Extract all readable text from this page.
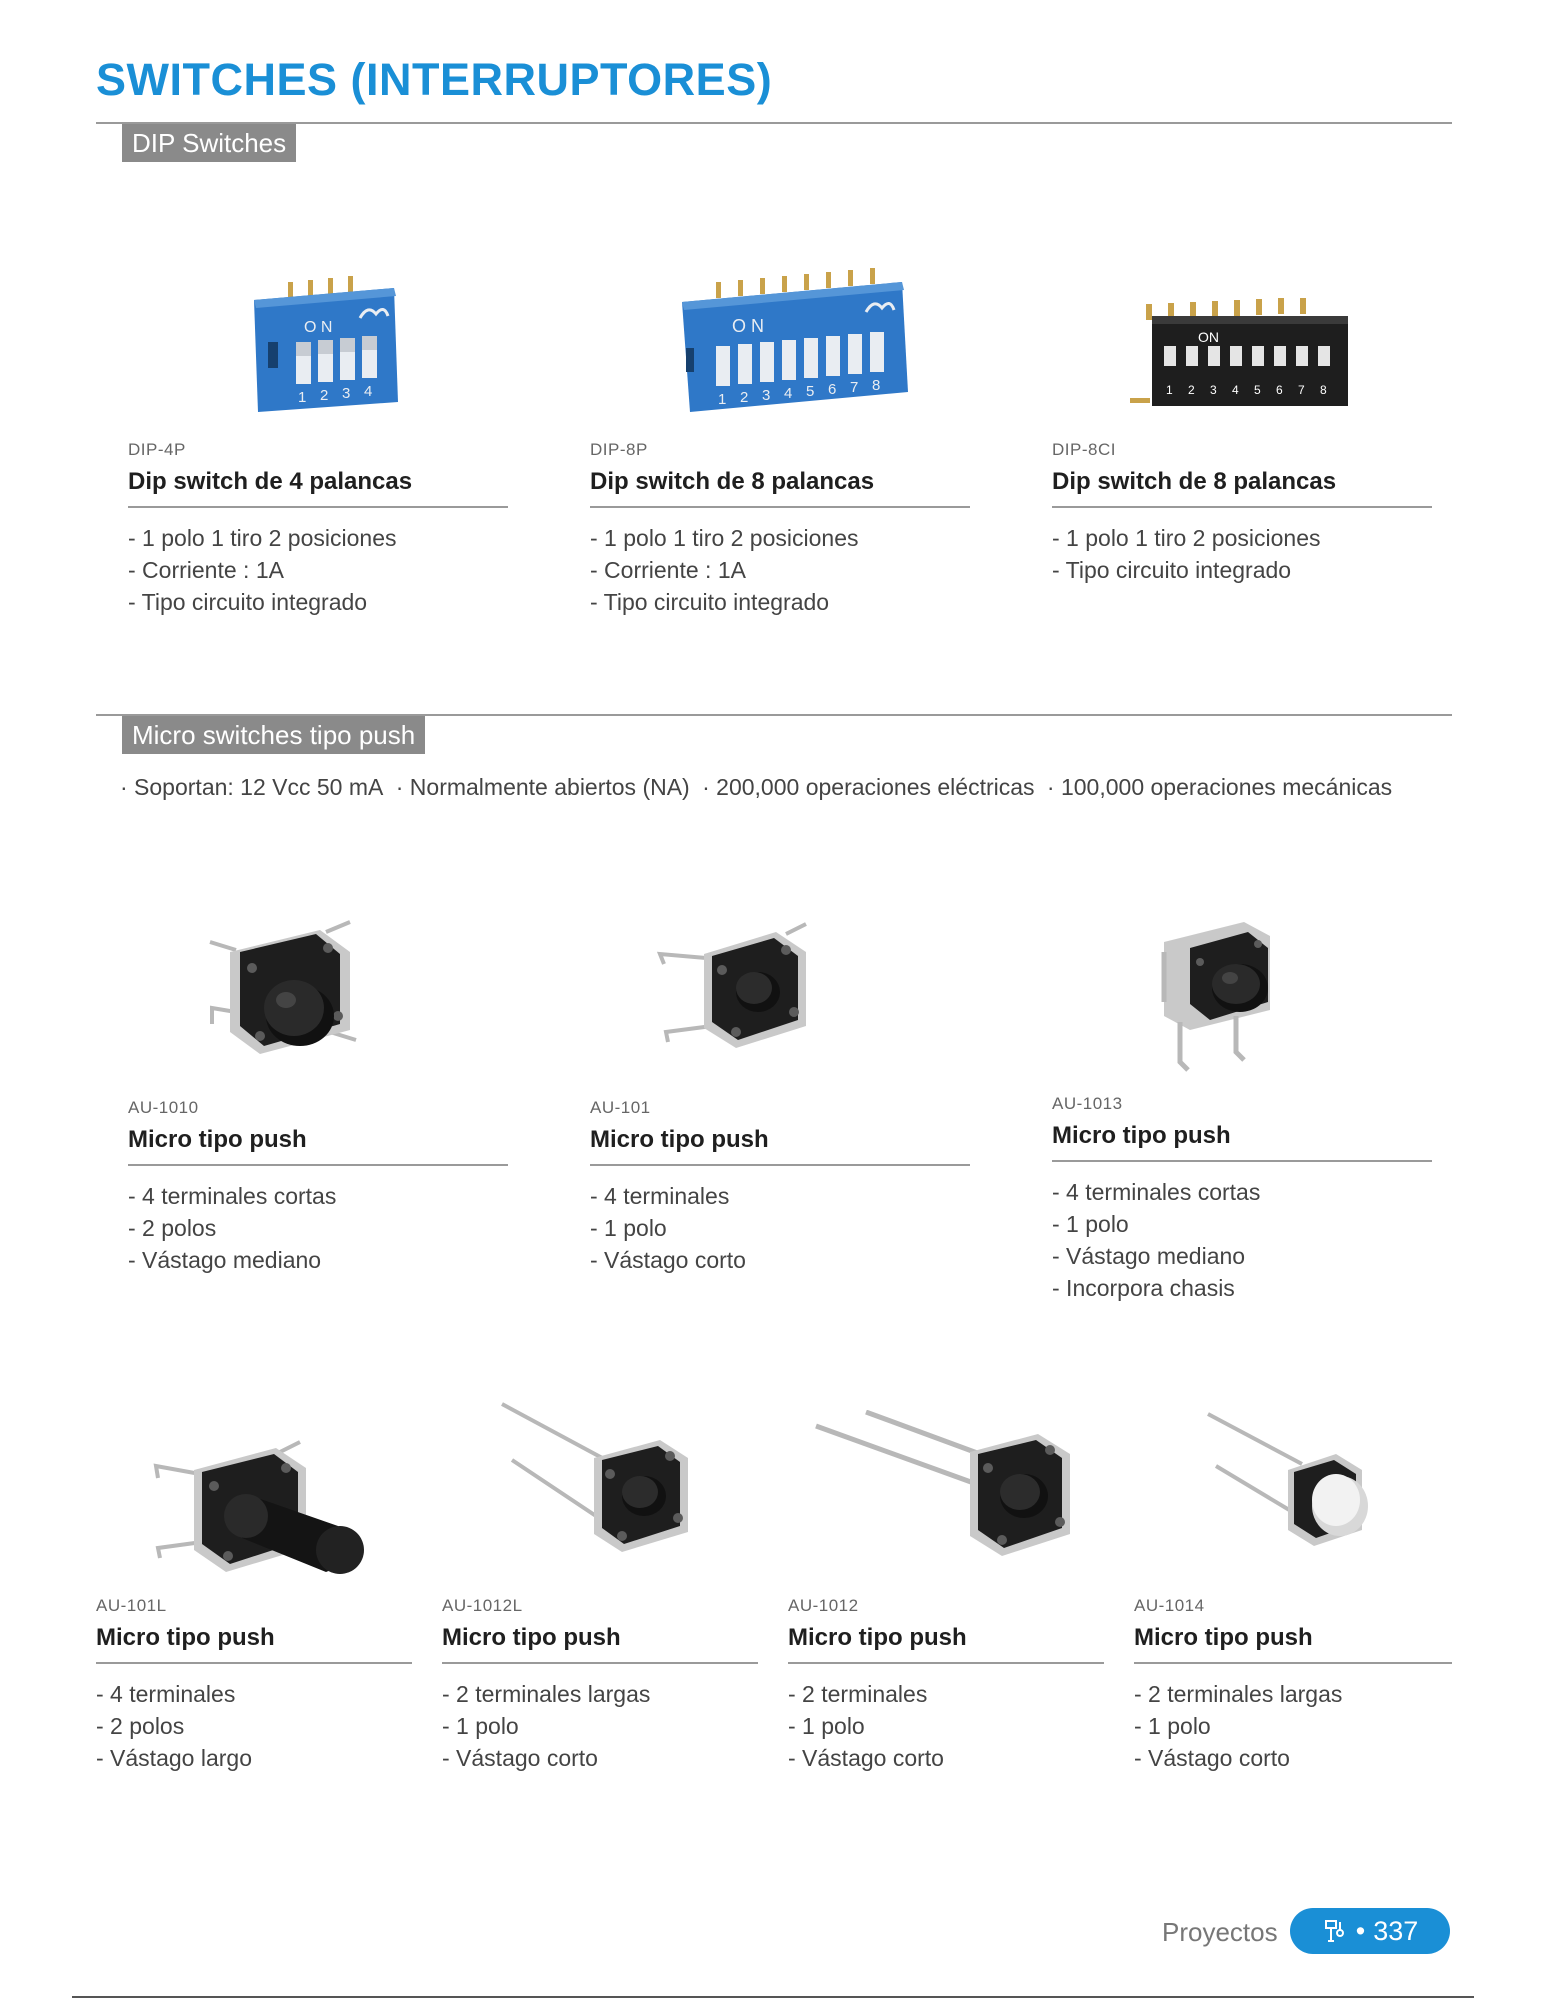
SWITCHES (INTERRUPTORES)
DIP Switches
O N
1 2 3 4
O N
1 2 3 4 5 6 7 8
ON
1 2 3 4 5 6 7 8
DIP-4P
Dip switch de 4 palancas
- 1 polo 1 tiro 2 posiciones
- Corriente : 1A
- Tipo circuito integrado
DIP-8P
Dip switch de 8 palancas
- 1 polo 1 tiro 2 posiciones
- Corriente : 1A
- Tipo circuito integrado
DIP-8CI
Dip switch de 8 palancas
- 1 polo 1 tiro 2 posiciones
- Tipo circuito integrado
Micro switches tipo push
· Soportan: 12 Vcc 50 mA · Normalmente abiertos (NA) · 200,000 operaciones eléctricas · 100,000 operaciones mecánicas
AU-1010
Micro tipo push
- 4 terminales cortas
- 2 polos
- Vástago mediano
AU-101
Micro tipo push
- 4 terminales
- 1 polo
- Vástago corto
AU-1013
Micro tipo push
- 4 terminales cortas
- 1 polo
- Vástago mediano
- Incorpora chasis
AU-101L
Micro tipo push
- 4 terminales
- 2 polos
- Vástago largo
AU-1012L
Micro tipo push
- 2 terminales largas
- 1 polo
- Vástago corto
AU-1012
Micro tipo push
- 2 terminales
- 1 polo
- Vástago corto
AU-1014
Micro tipo push
- 2 terminales largas
- 1 polo
- Vástago corto
Proyectos	• 337
